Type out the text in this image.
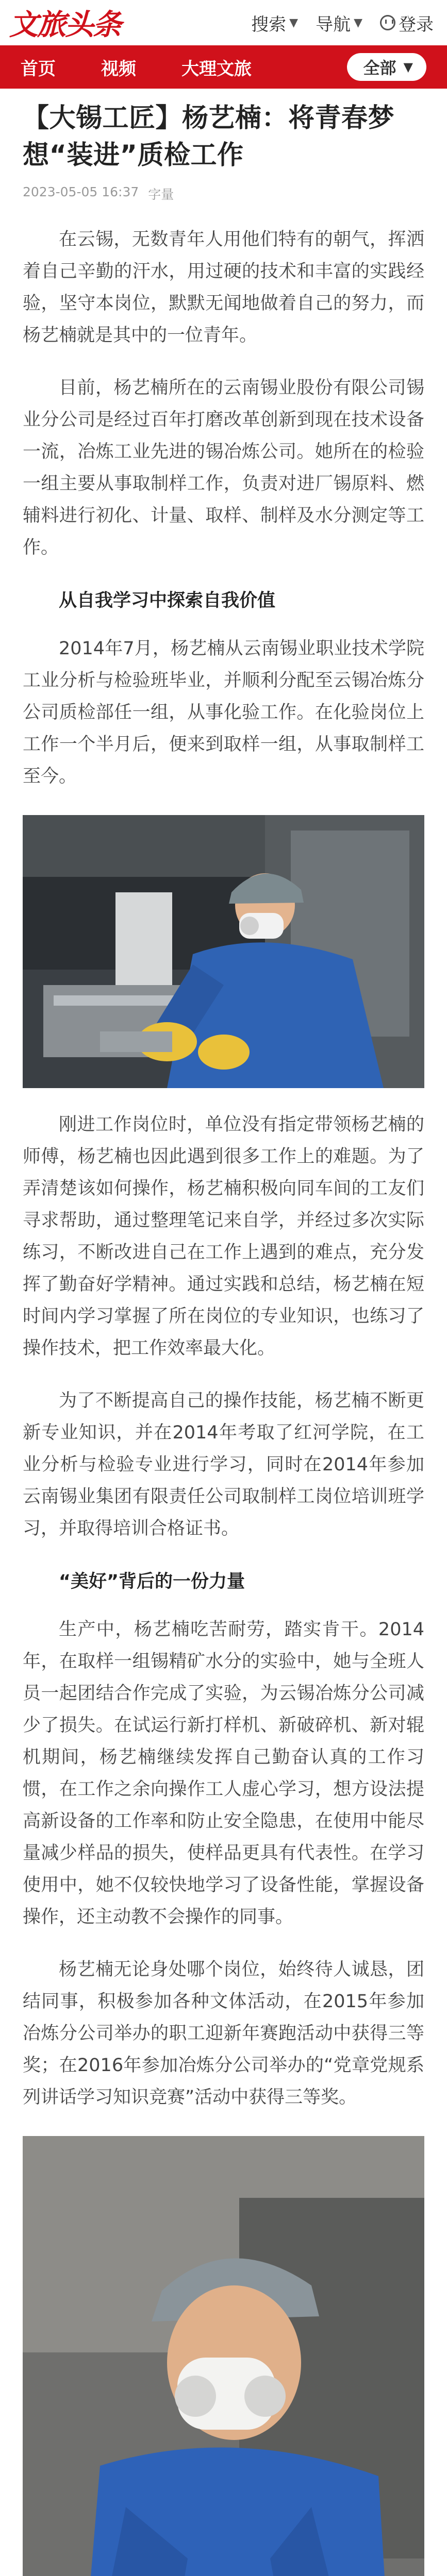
文旅头条	搜索 ▼ 导航 ▼ 登录
首页	视频	大理文旅	全部 ▼
【大锡工匠】杨艺楠：将青春梦想“装进”质检工作
2023-05-05 16:37 字量

在云锡，无数青年人用他们特有的朝气，挥洒着自己辛勤的汗水，用过硬的技术和丰富的实践经验，坚守本岗位，默默无闻地做着自己的努力，而杨艺楠就是其中的一位青年。

目前，杨艺楠所在的云南锡业股份有限公司锡业分公司是经过百年打磨改革创新到现在技术设备一流，冶炼工业先进的锡冶炼公司。她所在的检验一组主要从事取制样工作，负责对进厂锡原料、燃辅料进行初化、计量、取样、制样及水分测定等工作。

从自我学习中探索自我价值

2014年7月，杨艺楠从云南锡业职业技术学院工业分析与检验班毕业，并顺利分配至云锡冶炼分公司质检部任一组，从事化验工作。在化验岗位上工作一个半月后，便来到取样一组，从事取制样工至今。

刚进工作岗位时，单位没有指定带领杨艺楠的师傅，杨艺楠也因此遇到很多工作上的难题。为了弄清楚该如何操作，杨艺楠积极向同车间的工友们寻求帮助，通过整理笔记来自学，并经过多次实际练习，不断改进自己在工作上遇到的难点，充分发挥了勤奋好学精神。通过实践和总结，杨艺楠在短时间内学习掌握了所在岗位的专业知识，也练习了操作技术，把工作效率最大化。

为了不断提高自己的操作技能，杨艺楠不断更新专业知识，并在2014年考取了红河学院，在工业分析与检验专业进行学习，同时在2014年参加云南锡业集团有限责任公司取制样工岗位培训班学习，并取得培训合格证书。

“美好”背后的一份力量

生产中，杨艺楠吃苦耐劳，踏实肯干。2014年，在取样一组锡精矿水分的实验中，她与全班人员一起团结合作完成了实验，为云锡冶炼分公司减少了损失。在试运行新打样机、新破碎机、新对辊机期间，杨艺楠继续发挥自己勤奋认真的工作习惯，在工作之余向操作工人虚心学习，想方设法提高新设备的工作率和防止安全隐患，在使用中能尽量减少样品的损失，使样品更具有代表性。在学习使用中，她不仅较快地学习了设备性能，掌握设备操作，还主动教不会操作的同事。

杨艺楠无论身处哪个岗位，始终待人诚恳，团结同事，积极参加各种文体活动，在2015年参加冶炼分公司举办的职工迎新年赛跑活动中获得三等奖；在2016年参加冶炼分公司举办的“党章党规系列讲话学习知识竞赛”活动中获得三等奖。
